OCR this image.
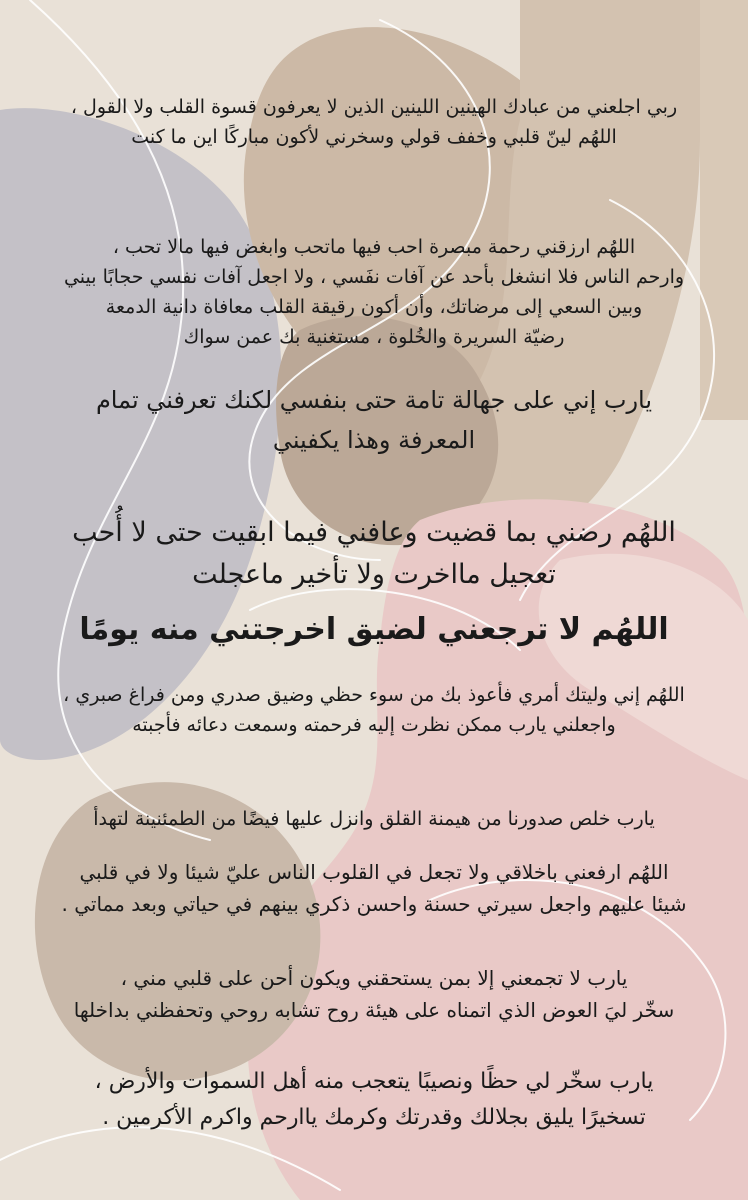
ربي اجلعني من عبادك الهينين اللينين الذين لا يعرفون قسوة القلب ولا القول ،
اللهُم لينّ قلبي وخفف قولي وسخرني لأكون مباركًا اين ما كنت
اللهُم ارزقني رحمة مبصرة احب فيها ماتحب وابغض فيها مالا تحب ،
وارحم الناس فلا انشغل بأحد عن آفات نفَسي ، ولا اجعل آفات نفسي حجابًا بيني
وبين السعي إلى مرضاتك، وأن أكون رقيقة القلب معافاة دانية الدمعة
رضيّة السريرة والخُلوة ، مستغنية بك عمن سواك
يارب إني على جهالة تامة حتى بنفسي لكنك تعرفني تمام
المعرفة وهذا يكفيني
اللهُم رضني بما قضيت وعافني فيما ابقيت حتى لا أُحب
تعجيل مااخرت ولا تأخير ماعجلت
اللهُم لا ترجعني لضيق اخرجتني منه يومًا
اللهُم إني وليتك أمري فأعوذ بك من سوء حظي وضيق صدري ومن فراغ صبري ،
واجعلني يارب ممكن نظرت إليه فرحمته وسمعت دعائه فأجبته
يارب خلص صدورنا من هيمنة القلق وانزل عليها فيضًا من الطمئنينة لتهدأ
اللهُم ارفعني باخلاقي ولا تجعل في القلوب الناس عليّ شيئا ولا في قلبي
شيئا عليهم واجعل سيرتي حسنة واحسن ذكري بينهم في حياتي وبعد مماتي .
يارب لا تجمعني إلا بمن يستحقني ويكون أحن على قلبي مني ،
سخّر ليَ العوض الذي اتمناه على هيئة روح تشابه روحي وتحفظني بداخلها
يارب سخّر لي حظًا ونصيبًا يتعجب منه أهل السموات والأرض ،
تسخيرًا يليق بجلالك وقدرتك وكرمك ياارحم واكرم الأكرمين .
